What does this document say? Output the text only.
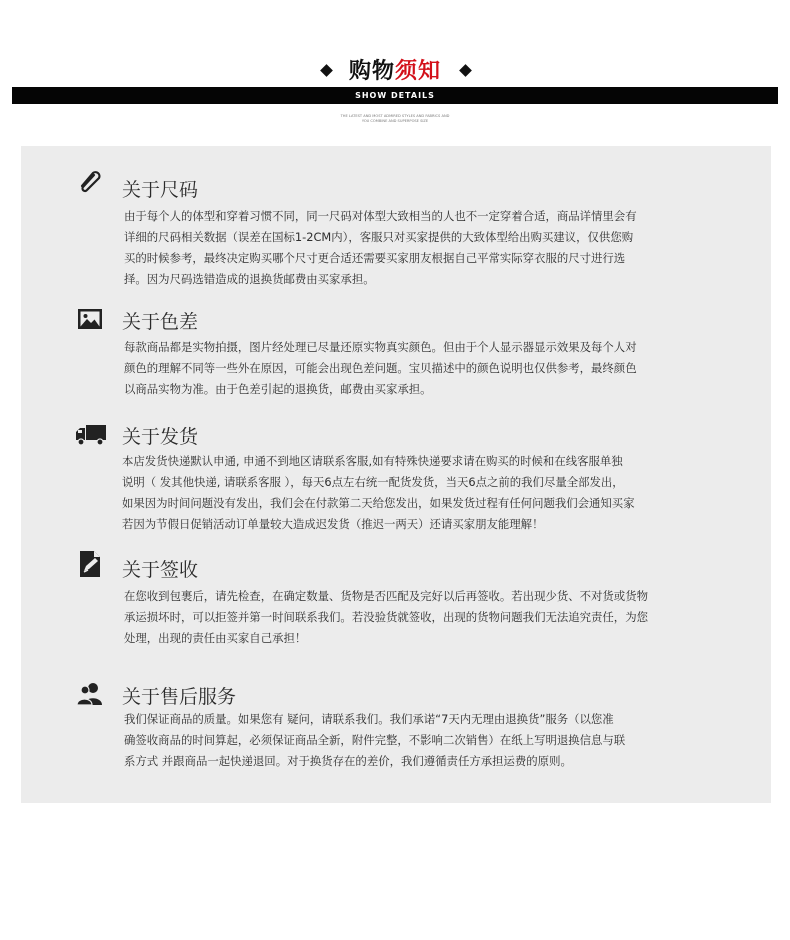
购物须知
SHOW DETAILS
THE LATEST AND MOST ADMIRED STYLES AND FABRICS AND
YOU COMBINE AND SUPERPOSE SIZE
关于尺码
由于每个人的体型和穿着习惯不同，同一尺码对体型大致相当的人也不一定穿着合适，商品详情里会有
详细的尺码相关数据（误差在国标1-2CM内），客服只对买家提供的大致体型给出购买建议，仅供您购
买的时候参考，最终决定购买哪个尺寸更合适还需要买家朋友根据自己平常实际穿衣服的尺寸进行选
择。因为尺码选错造成的退换货邮费由买家承担。
关于色差
每款商品都是实物拍摄，图片经处理已尽量还原实物真实颜色。但由于个人显示器显示效果及每个人对
颜色的理解不同等一些外在原因，可能会出现色差问题。宝贝描述中的颜色说明也仅供参考，最终颜色
以商品实物为准。由于色差引起的退换货，邮费由买家承担。
关于发货
本店发货快递默认申通, 申通不到地区请联系客服,如有特殊快递要求请在购买的时候和在线客服单独
说明（ 发其他快递, 请联系客服 ），每天6点左右统一配货发货，当天6点之前的我们尽量全部发出，
如果因为时间问题没有发出，我们会在付款第二天给您发出，如果发货过程有任何问题我们会通知买家
若因为节假日促销活动订单量较大造成迟发货（推迟一两天）还请买家朋友能理解！
关于签收
在您收到包裹后，请先检查，在确定数量、货物是否匹配及完好以后再签收。若出现少货、不对货或货物
承运损坏时，可以拒签并第一时间联系我们。若没验货就签收，出现的货物问题我们无法追究责任，为您
处理，出现的责任由买家自己承担！
关于售后服务
我们保证商品的质量。如果您有 疑问，请联系我们。我们承诺“7天内无理由退换货”服务（以您准
确签收商品的时间算起，必须保证商品全新，附件完整，不影响二次销售）在纸上写明退换信息与联
系方式 并跟商品一起快递退回。对于换货存在的差价，我们遵循责任方承担运费的原则。
